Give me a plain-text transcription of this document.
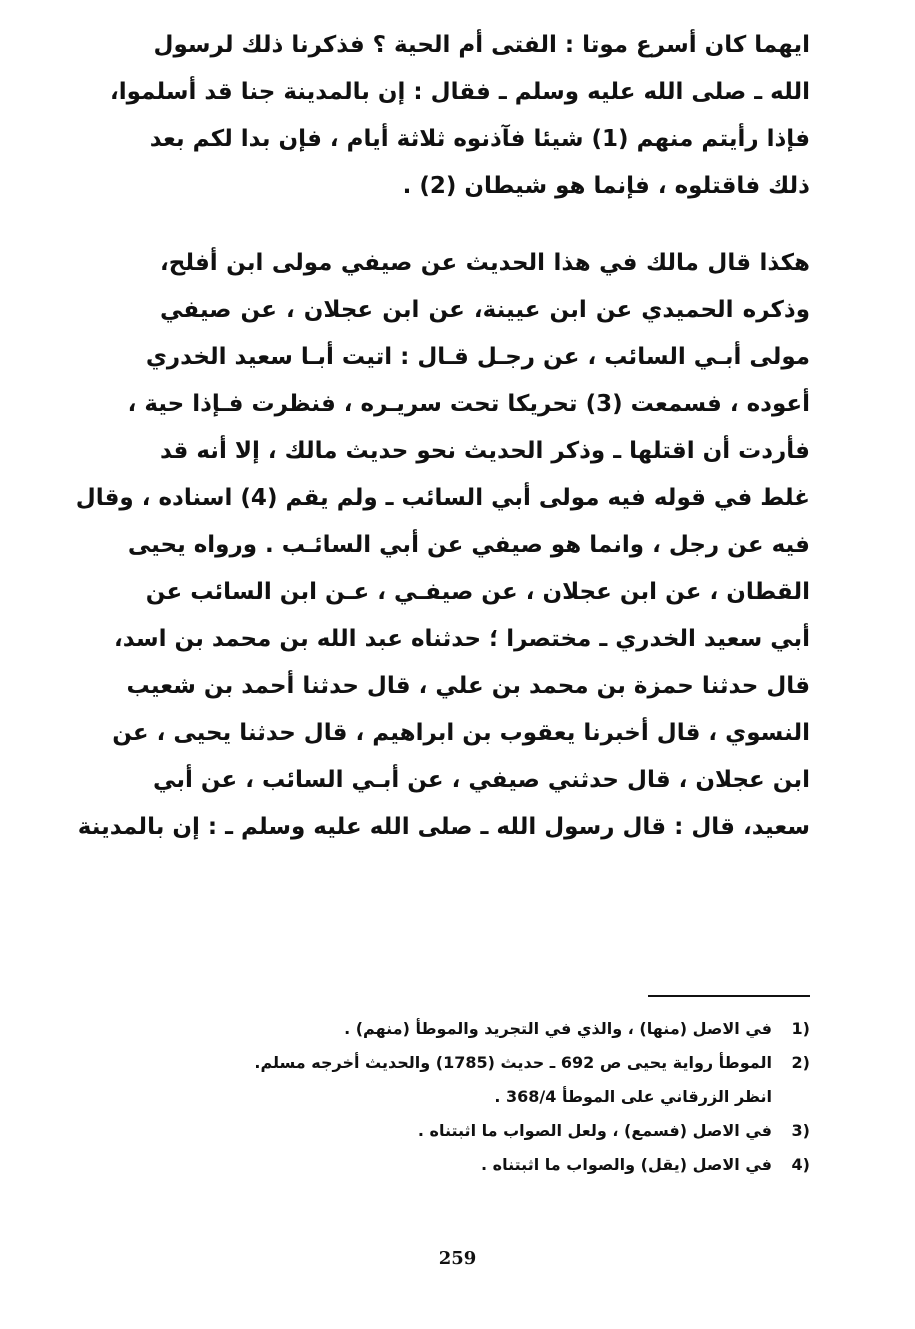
ايهما كان أسرع موتا : الفتى أم الحية ؟ فذكرنا ذلك لرسول
الله ـ صلى الله عليه وسلم ـ فقال : إن بالمدينة جنا قد أسلموا،
فإذا رأيتم منهم (1) شيئا فآذنوه ثلاثة أيام ، فإن بدا لكم بعد
ذلك فاقتلوه ، فإنما هو شيطان (2) .

هكذا قال مالك في هذا الحديث عن صيفي مولى ابن أفلح،
وذكره الحميدي عن ابن عيينة، عن ابن عجلان ، عن صيفي
مولى أبـي السائب ، عن رجـل قـال : اتيت أبـا سعيد الخدري
أعوده ، فسمعت (3) تحريكا تحت سريـره ، فنظرت فـإذا حية ،
فأردت أن اقتلها ـ وذكر الحديث نحو حديث مالك ، إلا أنه قد
غلط في قوله فيه مولى أبي السائب ـ ولم يقم (4) اسناده ، وقال
فيه عن رجل ، وانما هو صيفي عن أبي السائـب . ورواه يحيى
القطان ، عن ابن عجلان ، عن صيفـي ، عـن ابن السائب عن
أبي سعيد الخدري ـ مختصرا ؛ حدثناه عبد الله بن محمد بن اسد،
قال حدثنا حمزة بن محمد بن علي ، قال حدثنا أحمد بن شعيب
النسوي ، قال أخبرنا يعقوب بن ابراهيم ، قال حدثنا يحيى ، عن
ابن عجلان ، قال حدثني صيفي ، عن أبـي السائب ، عن أبي
سعيد، قال : قال رسول الله ـ صلى الله عليه وسلم ـ : إن بالمدينة

1)
في الاصل (منها) ، والذي في التجريد والموطأ (منهم) .
2)
الموطأ رواية يحيى ص 692 ـ حديث (1785) والحديث أخرجه مسلم.
انظر الزرقاني على الموطأ 368/4 .
3)
في الاصل (فسمع) ، ولعل الصواب ما اثبتناه .
4)
في الاصل (يقل) والصواب ما اثبتناه .
259
